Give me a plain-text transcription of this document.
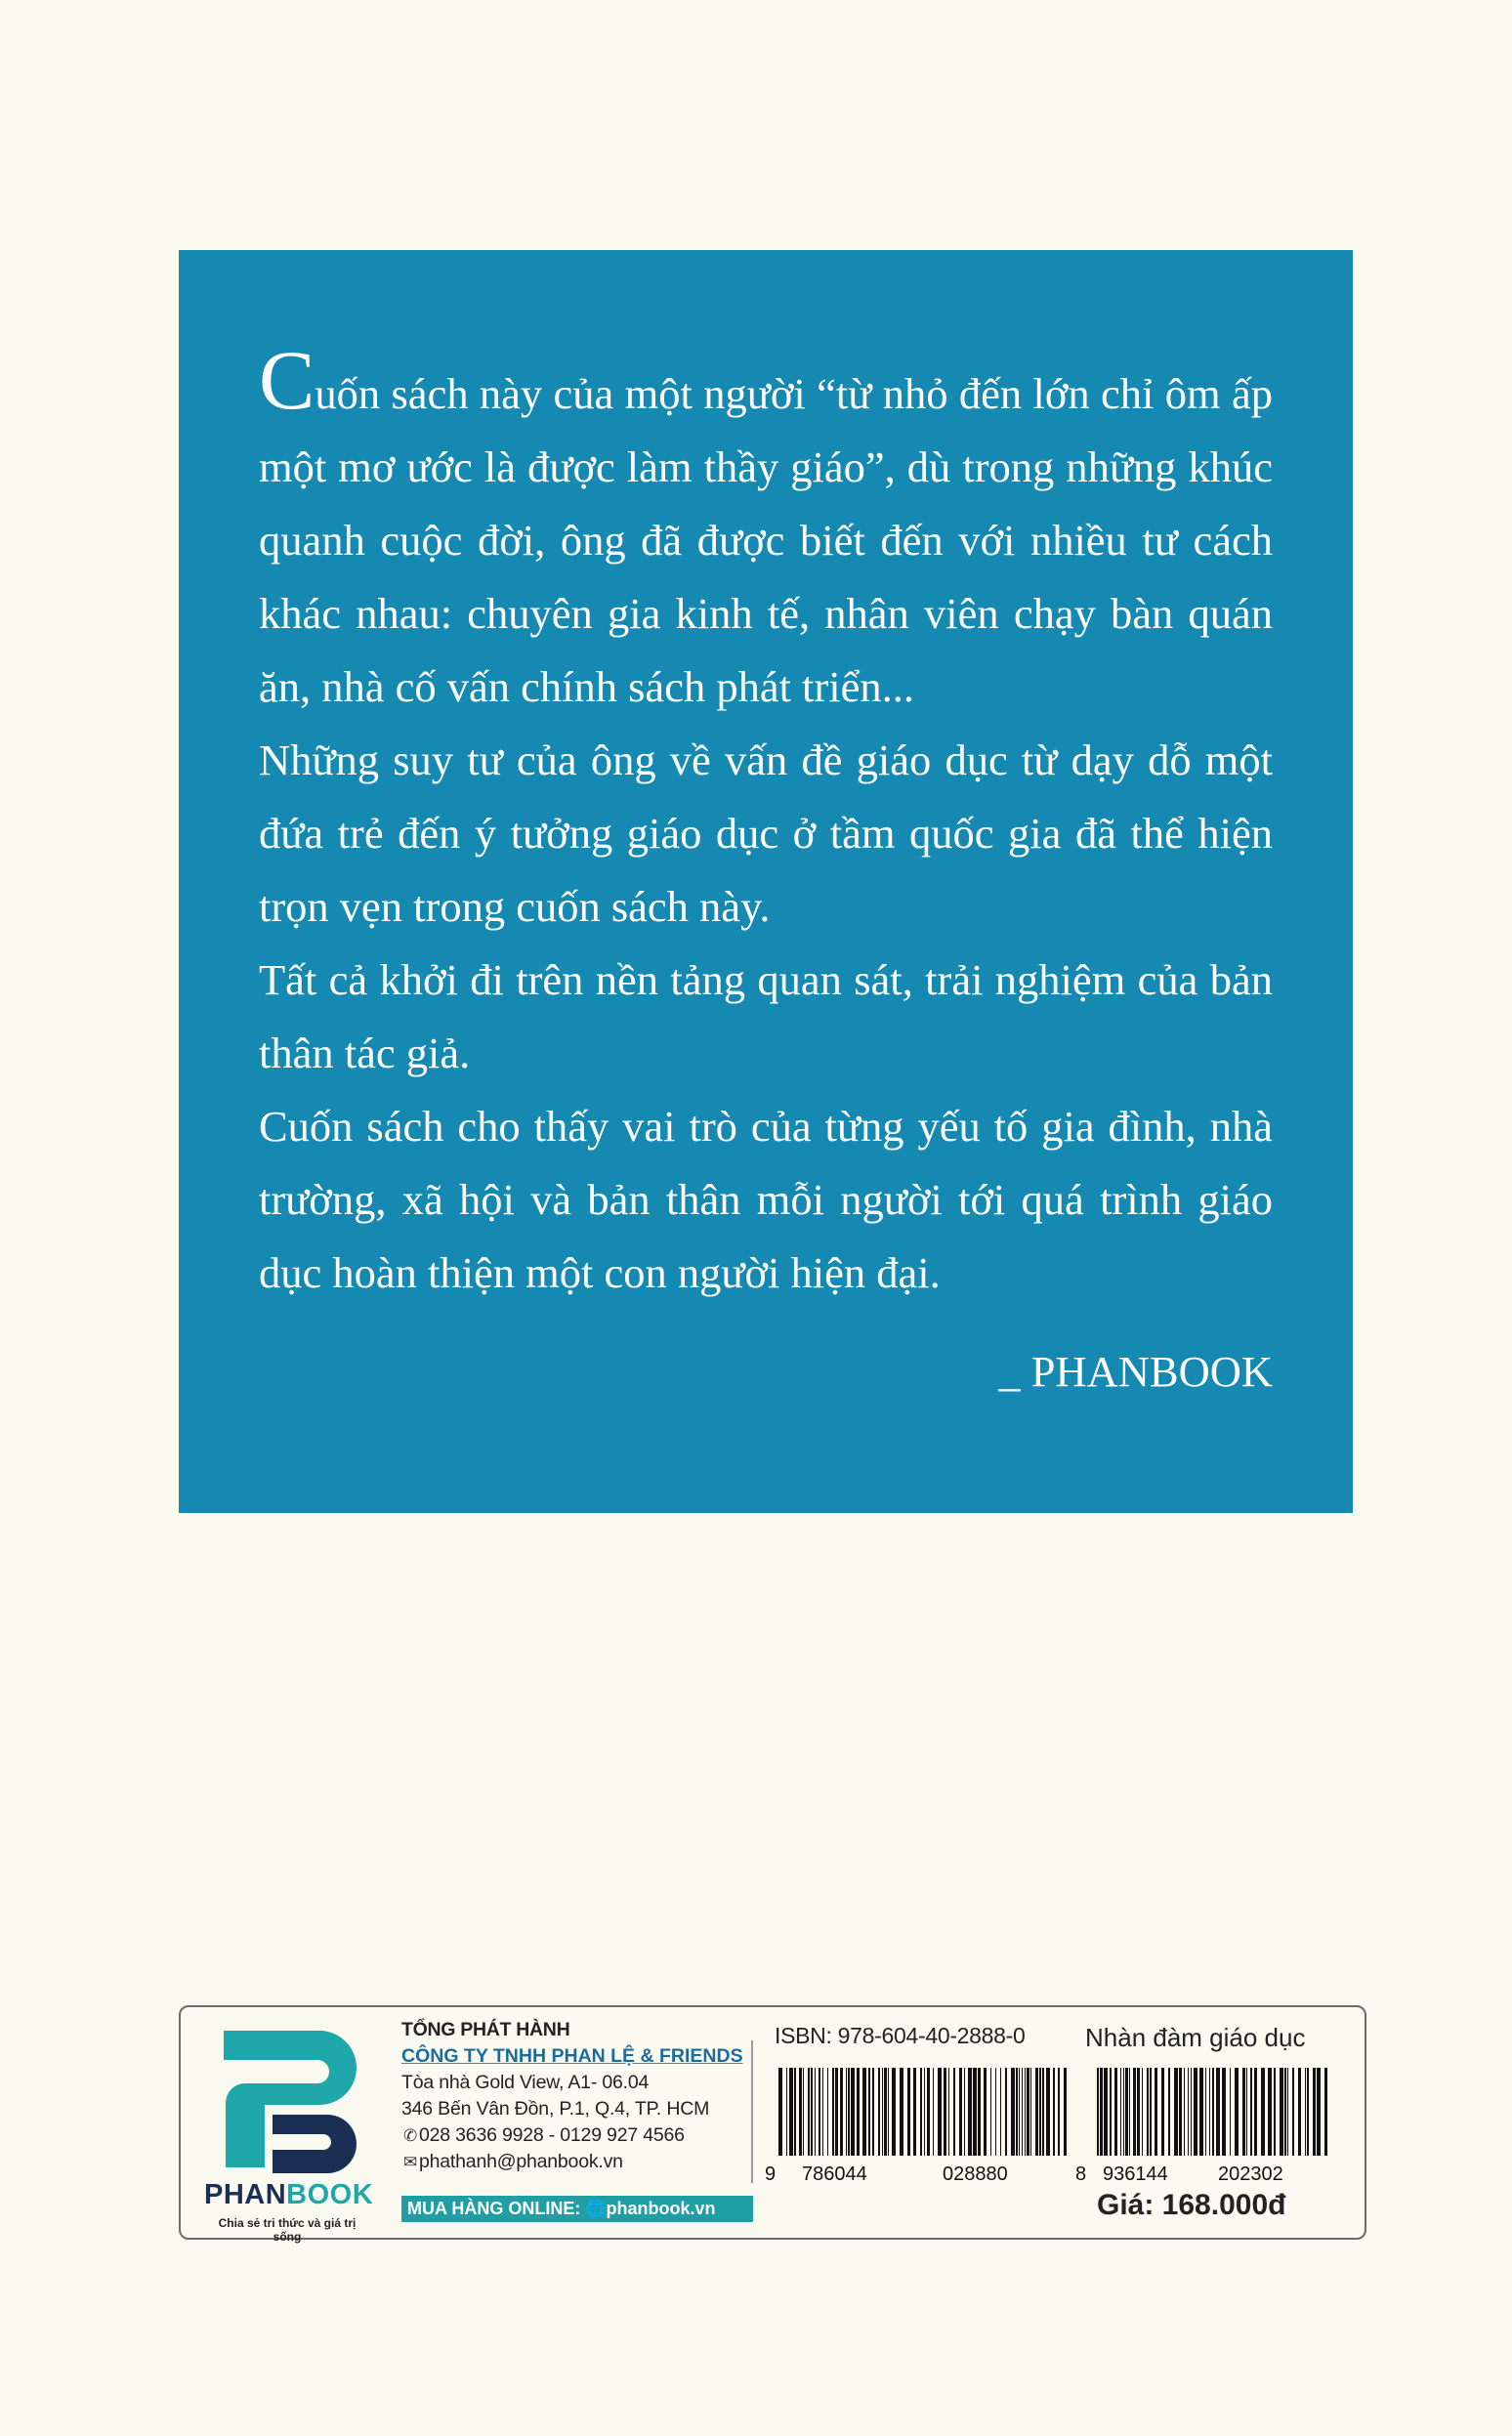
Cuốn sách này của một người “từ nhỏ đến lớn chỉ ôm ấp một mơ ước là được làm thầy giáo”, dù trong những khúc quanh cuộc đời, ông đã được biết đến với nhiều tư cách khác nhau: chuyên gia kinh tế, nhân viên chạy bàn quán ăn, nhà cố vấn chính sách phát triển...

Những suy tư của ông về vấn đề giáo dục từ dạy dỗ một đứa trẻ đến ý tưởng giáo dục ở tầm quốc gia đã thể hiện trọn vẹn trong cuốn sách này.

Tất cả khởi đi trên nền tảng quan sát, trải nghiệm của bản thân tác giả.

Cuốn sách cho thấy vai trò của từng yếu tố gia đình, nhà trường, xã hội và bản thân mỗi người tới quá trình giáo dục hoàn thiện một con người hiện đại.

_ PHANBOOK
PHANBOOK
Chia sẻ tri thức và giá trị sống
TỔNG PHÁT HÀNH
CÔNG TY TNHH PHAN LỆ & FRIENDS
Tòa nhà Gold View, A1- 06.04
346 Bến Vân Đồn, P.1, Q.4, TP. HCM
✆ 028 3636 9928 - 0129 927 4566
✉ phathanh@phanbook.vn
MUA HÀNG ONLINE: 🌐phanbook.vn
ISBN: 978-604-40-2888-0 Nhàn đàm giáo dục
9 786044	028880	8 936144	202302
Giá: 168.000đ
